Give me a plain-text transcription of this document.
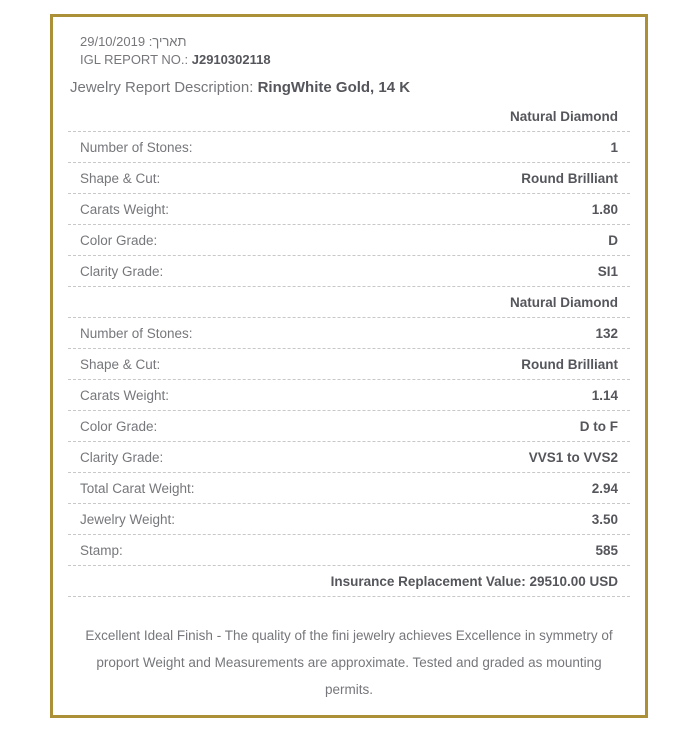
תאריך: 29/10/2019
IGL REPORT NO.: J2910302118
Jewelry Report Description: RingWhite Gold, 14 K
Natural Diamond
Number of Stones:	1
Shape & Cut:	Round Brilliant
Carats Weight:	1.80
Color Grade:	D
Clarity Grade:	SI1
Natural Diamond
Number of Stones:	132
Shape & Cut:	Round Brilliant
Carats Weight:	1.14
Color Grade:	D to F
Clarity Grade:	VVS1 to VVS2
Total Carat Weight:	2.94
Jewelry Weight:	3.50
Stamp:	585
Insurance Replacement Value: 29510.00 USD
Excellent Ideal Finish - The quality of the fini jewelry achieves Excellence in symmetry of proport Weight and Measurements are approximate. Tested and graded as mounting permits.
